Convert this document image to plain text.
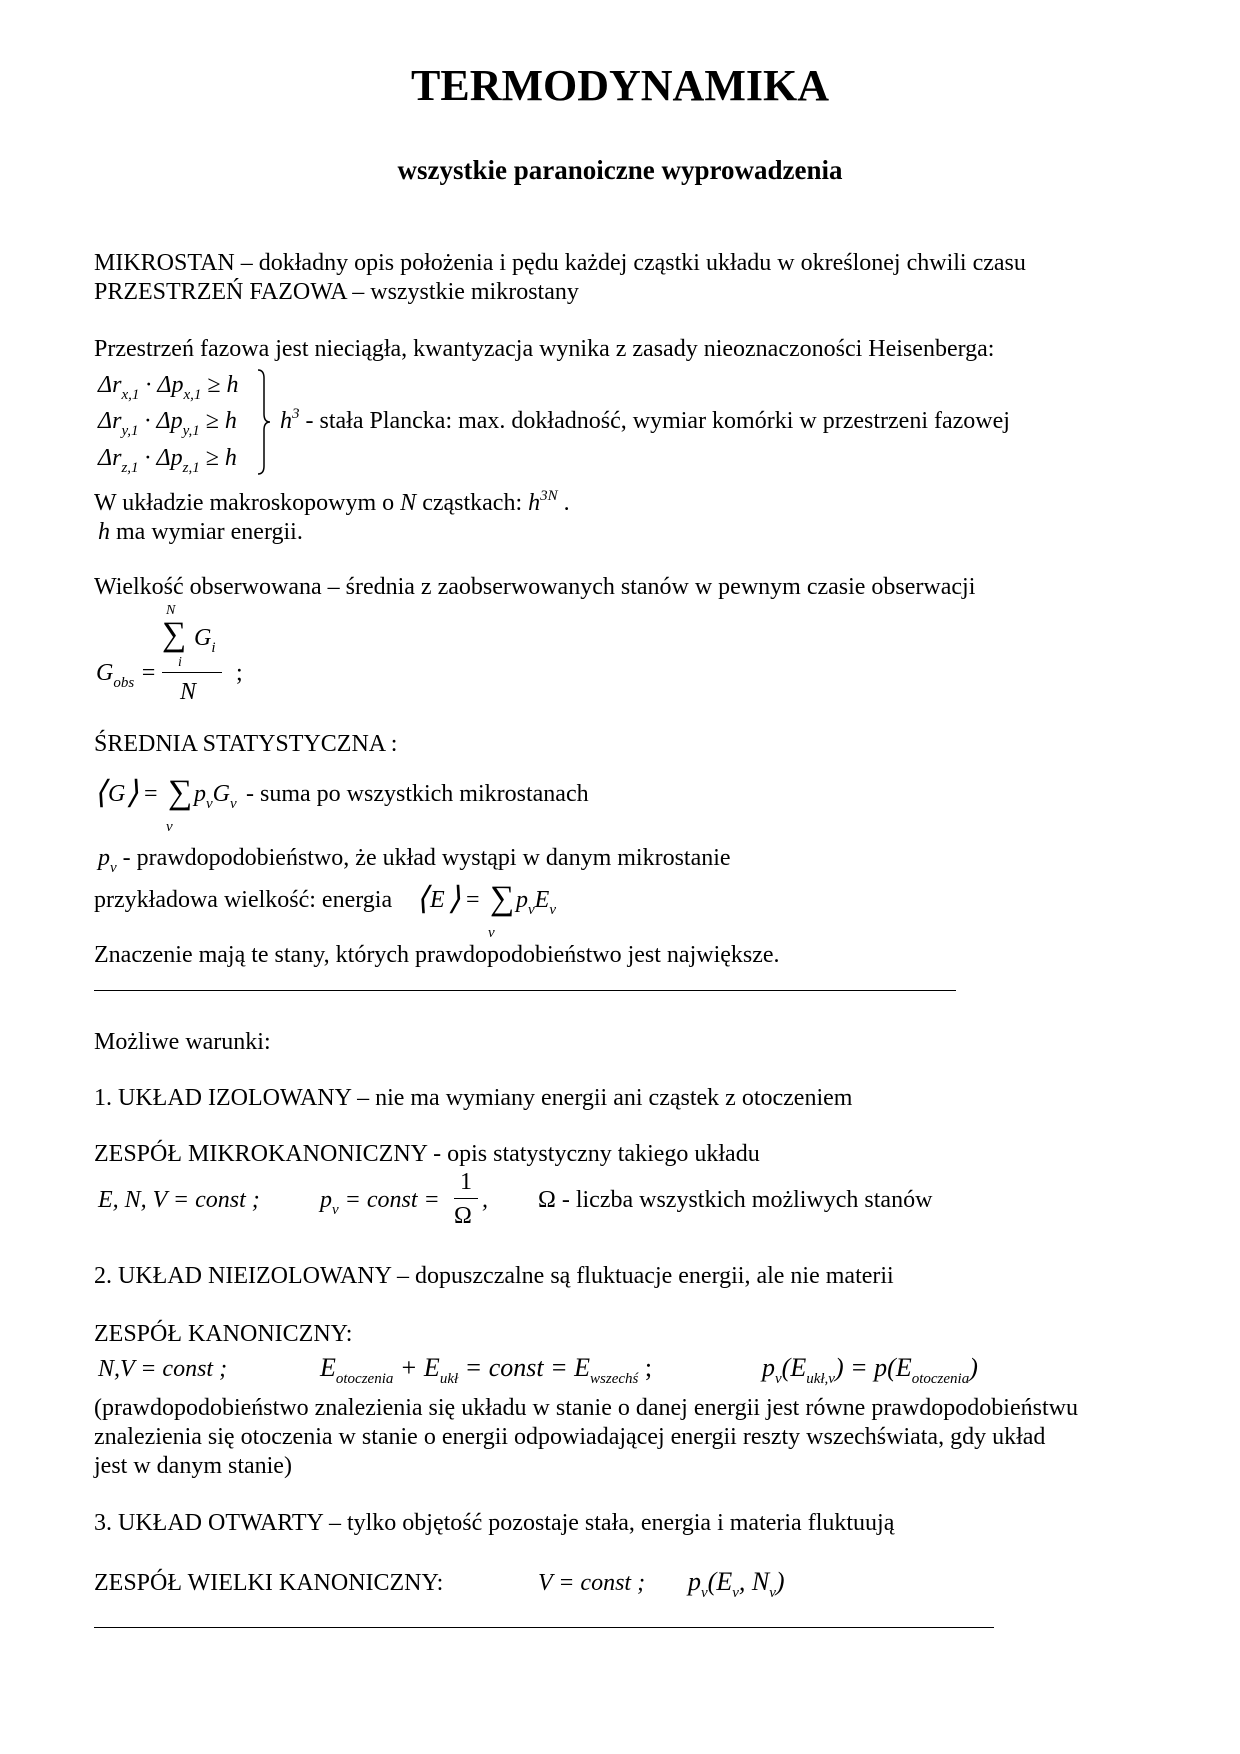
TERMODYNAMIKA
wszystkie paranoiczne wyprowadzenia
MIKROSTAN – dokładny opis położenia i pędu każdej cząstki układu w określonej chwili czasu
PRZESTRZEŃ FAZOWA – wszystkie mikrostany
Przestrzeń fazowa jest nieciągła, kwantyzacja wynika z zasady nieoznaczoności Heisenberga:
$\Delta r_{x,1} \cdot \Delta p_{x,1} \ge h$
$\Delta r_{y,1} \cdot \Delta p_{y,1} \ge h$
$\Delta r_{z,1} \cdot \Delta p_{z,1} \ge h$
$h^3$ - stała Plancka: max. dokładność, wymiar komórki w przestrzeni fazowej
W układzie makroskopowym o N cząstkach: $h^{3N}$ .
h ma wymiar energii.
Wielkość obserwowana – średnia z zaobserwowanych stanów w pewnym czasie obserwacji
N
∑ $G_i$
i
$G_{obs}$ =
N
;
ŚREDNIA STATYSTYCZNA :
⟨ G ⟩ = ∑
v
$p_vG_v$ - suma po wszystkich mikrostanach
$p_v$ - prawdopodobieństwo, że układ wystąpi w danym mikrostanie
przykładowa wielkość: energia ⟨ E ⟩ = ∑
v
$p_vE_v$
Znaczenie mają te stany, których prawdopodobieństwo jest największe.
Możliwe warunki:
1. UKŁAD IZOLOWANY – nie ma wymiany energii ani cząstek z otoczeniem
ZESPÓŁ MIKROKANONICZNY - opis statystyczny takiego układu
E, N, V = const ;	$p_v$ = const =
1
Ω
, Ω - liczba wszystkich możliwych stanów
2. UKŁAD NIEIZOLOWANY – dopuszczalne są fluktuacje energii, ale nie materii
ZESPÓŁ KANONICZNY:
N,V = const ;	$E_{otoczenia} + E_{ukł}$ = const = $E_{wszechś}$ ;	$p_v(E_{ukł,v}) = p(E_{otoczenia})$
(prawdopodobieństwo znalezienia się układu w stanie o danej energii jest równe prawdopodobieństwu
znalezienia się otoczenia w stanie o energii odpowiadającej energii reszty wszechświata, gdy układ
jest w danym stanie)
3. UKŁAD OTWARTY – tylko objętość pozostaje stała, energia i materia fluktuują
ZESPÓŁ WIELKI KANONICZNY:	V = const ; $p_v(E_v$, $N_v$)
